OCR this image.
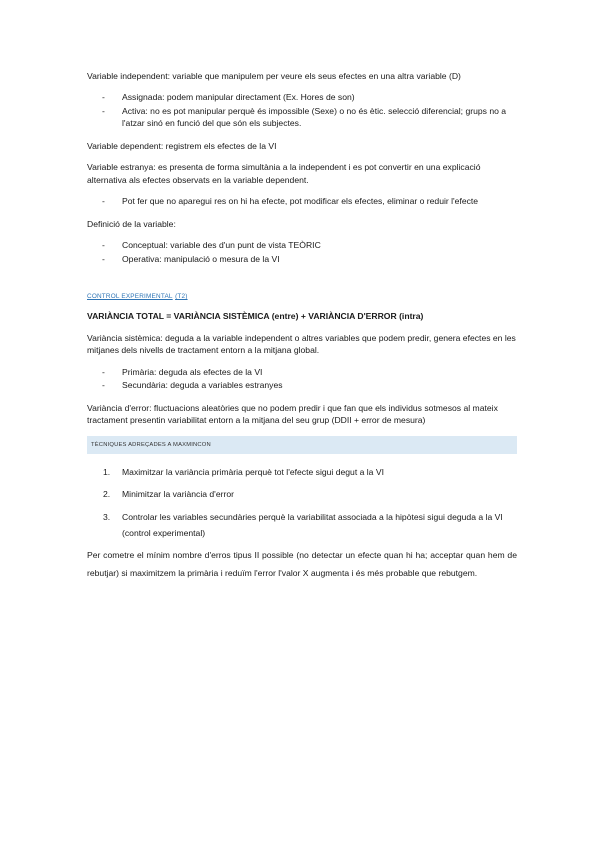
Variable independent: variable que manipulem per veure els seus efectes en una altra variable (D)

- Assignada: podem manipular directament (Ex. Hores de son)
- Activa: no es pot manipular perquè és impossible (Sexe) o no és ètic. selecció diferencial; grups no a l'atzar sinó en funció del que són els subjectes.

Variable dependent: registrem els efectes de la VI

Variable estranya: es presenta de forma simultània a la independent i es pot convertir en una explicació alternativa als efectes observats en la variable dependent.

- Pot fer que no aparegui res on hi ha efecte, pot modificar els efectes, eliminar o reduir l'efecte

Definició de la variable:

- Conceptual: variable des d'un punt de vista TEÒRIC
- Operativa: manipulació o mesura de la VI

CONTROL EXPERIMENTAL (T2)

VARIÀNCIA TOTAL = VARIÀNCIA SISTÈMICA (entre) + VARIÀNCIA D'ERROR (intra)

Variància sistèmica: deguda a la variable independent o altres variables que podem predir, genera efectes en les mitjanes dels nivells de tractament entorn a la mitjana global.

- Primària: deguda als efectes de la VI
- Secundària: deguda a variables estranyes

Variància d'error: fluctuacions aleatòries que no podem predir i que fan que els individus sotmesos al mateix tractament presentin variabilitat entorn a la mitjana del seu grup (DDII + error de mesura)

TÈCNIQUES ADREÇADES A MAXMINCON
1. Maximitzar la variància primària perquè tot l'efecte sigui degut a la VI
2. Minimitzar la variància d'error
3. Controlar les variables secundàries perquè la variabilitat associada a la hipòtesi sigui deguda a la VI (control experimental)

Per cometre el mínim nombre d'erros tipus II possible (no detectar un efecte quan hi ha; acceptar quan hem de rebutjar) si maximitzem la primària i reduïm l'error l'valor X augmenta i és més probable que rebutgem.
